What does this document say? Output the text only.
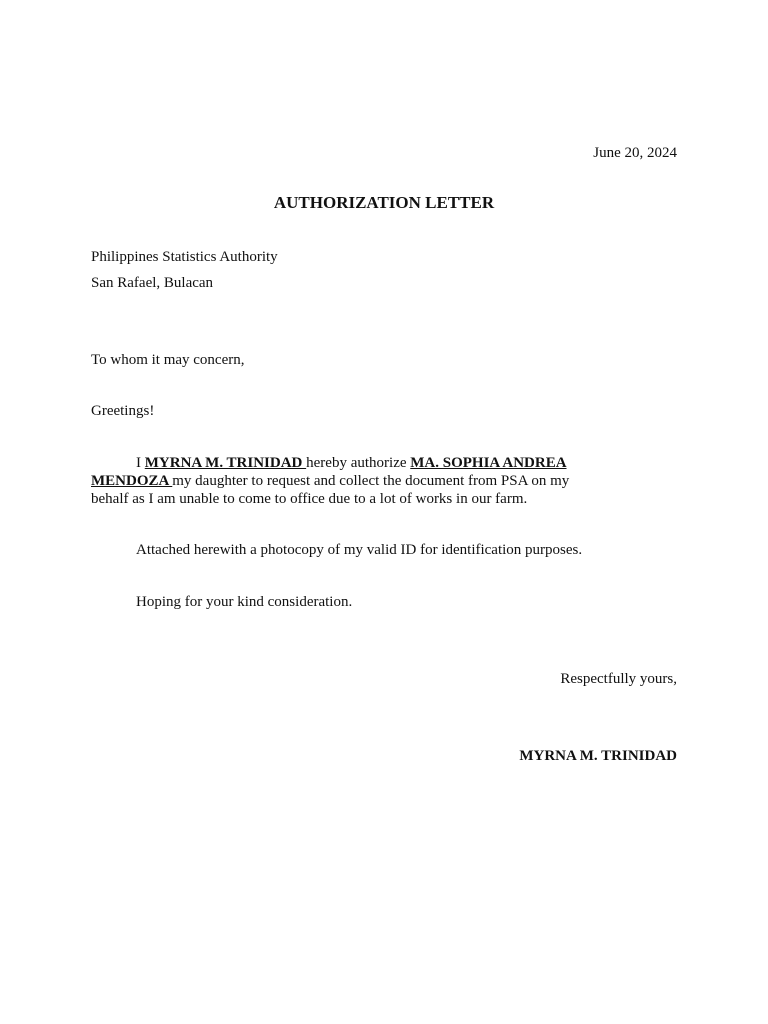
June 20, 2024
AUTHORIZATION LETTER
Philippines Statistics Authority
San Rafael, Bulacan
To whom it may concern,
Greetings!
I MYRNA M. TRINIDAD hereby authorize MA. SOPHIA ANDREA
MENDOZA my daughter to request and collect the document from PSA on my
behalf as I am unable to come to office due to a lot of works in our farm.
Attached herewith a photocopy of my valid ID for identification purposes.
Hoping for your kind consideration.
Respectfully yours,
MYRNA M. TRINIDAD
